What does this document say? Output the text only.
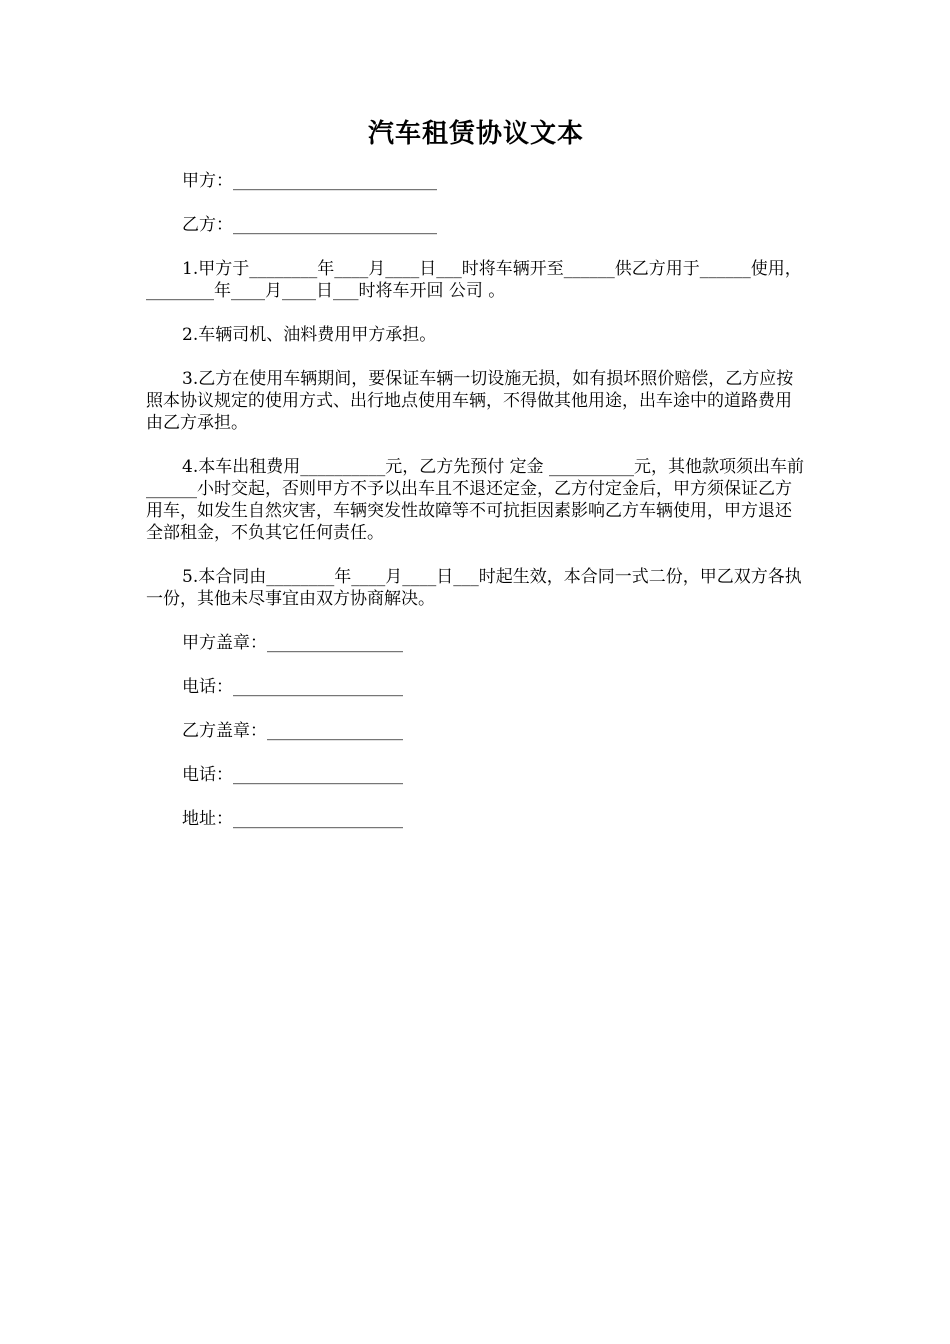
汽车租赁协议文本
甲方：________________________
乙方：________________________
1.甲方于________年____月____日___时将车辆开至______供乙方用于______使用，________年____月____日___时将车开回 公司 。
2.车辆司机、油料费用甲方承担。
3.乙方在使用车辆期间，要保证车辆一切设施无损，如有损坏照价赔偿，乙方应按照本协议规定的使用方式、出行地点使用车辆，不得做其他用途，出车途中的道路费用由乙方承担。
4.本车出租费用__________元，乙方先预付 定金 __________元，其他款项须出车前______小时交起，否则甲方不予以出车且不退还定金，乙方付定金后，甲方须保证乙方用车，如发生自然灾害，车辆突发性故障等不可抗拒因素影响乙方车辆使用，甲方退还全部租金，不负其它任何责任。
5.本合同由________年____月____日___时起生效，本合同一式二份，甲乙双方各执一份，其他未尽事宜由双方协商解决。
甲方盖章：________________
电话：____________________
乙方盖章：________________
电话：____________________
地址：____________________
